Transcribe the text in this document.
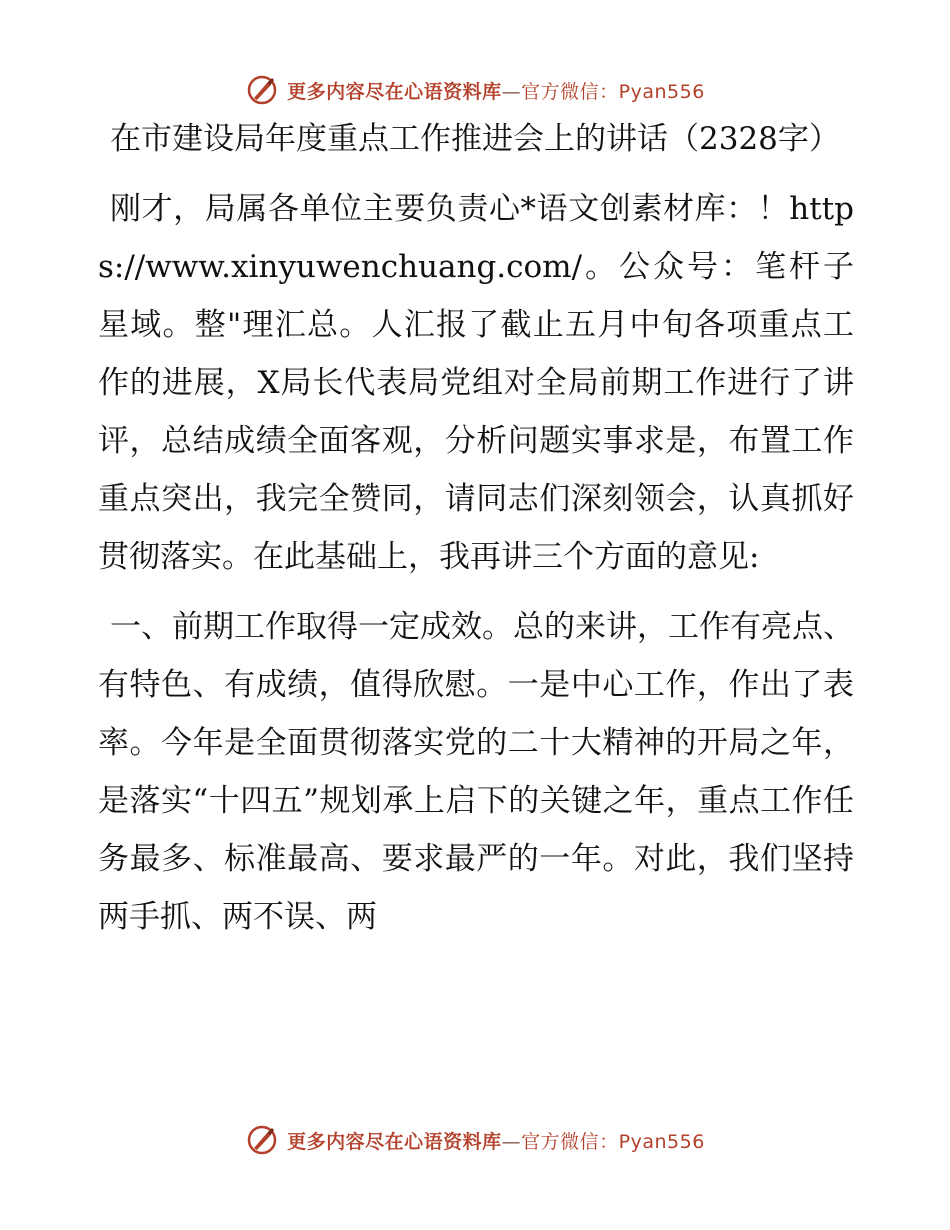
更多内容尽在心语资料库—官方微信：Pyan556
在市建设局年度重点工作推进会上的讲话（2328字）

刚才，局属各单位主要负责心*语文创素材库：！https://www.xinyuwenchuang.com/。公众号：笔杆子星域。整"理汇总。人汇报了截止五月中旬各项重点工作的进展，X局长代表局党组对全局前期工作进行了讲评，总结成绩全面客观，分析问题实事求是，布置工作重点突出，我完全赞同，请同志们深刻领会，认真抓好贯彻落实。在此基础上，我再讲三个方面的意见:

一、前期工作取得一定成效。总的来讲，工作有亮点、有特色、有成绩，值得欣慰。一是中心工作，作出了表率。今年是全面贯彻落实党的二十大精神的开局之年，是落实“十四五”规划承上启下的关键之年，重点工作任务最多、标准最高、要求最严的一年。对此，我们坚持两手抓、两不误、两

更多内容尽在心语资料库—官方微信：Pyan556
